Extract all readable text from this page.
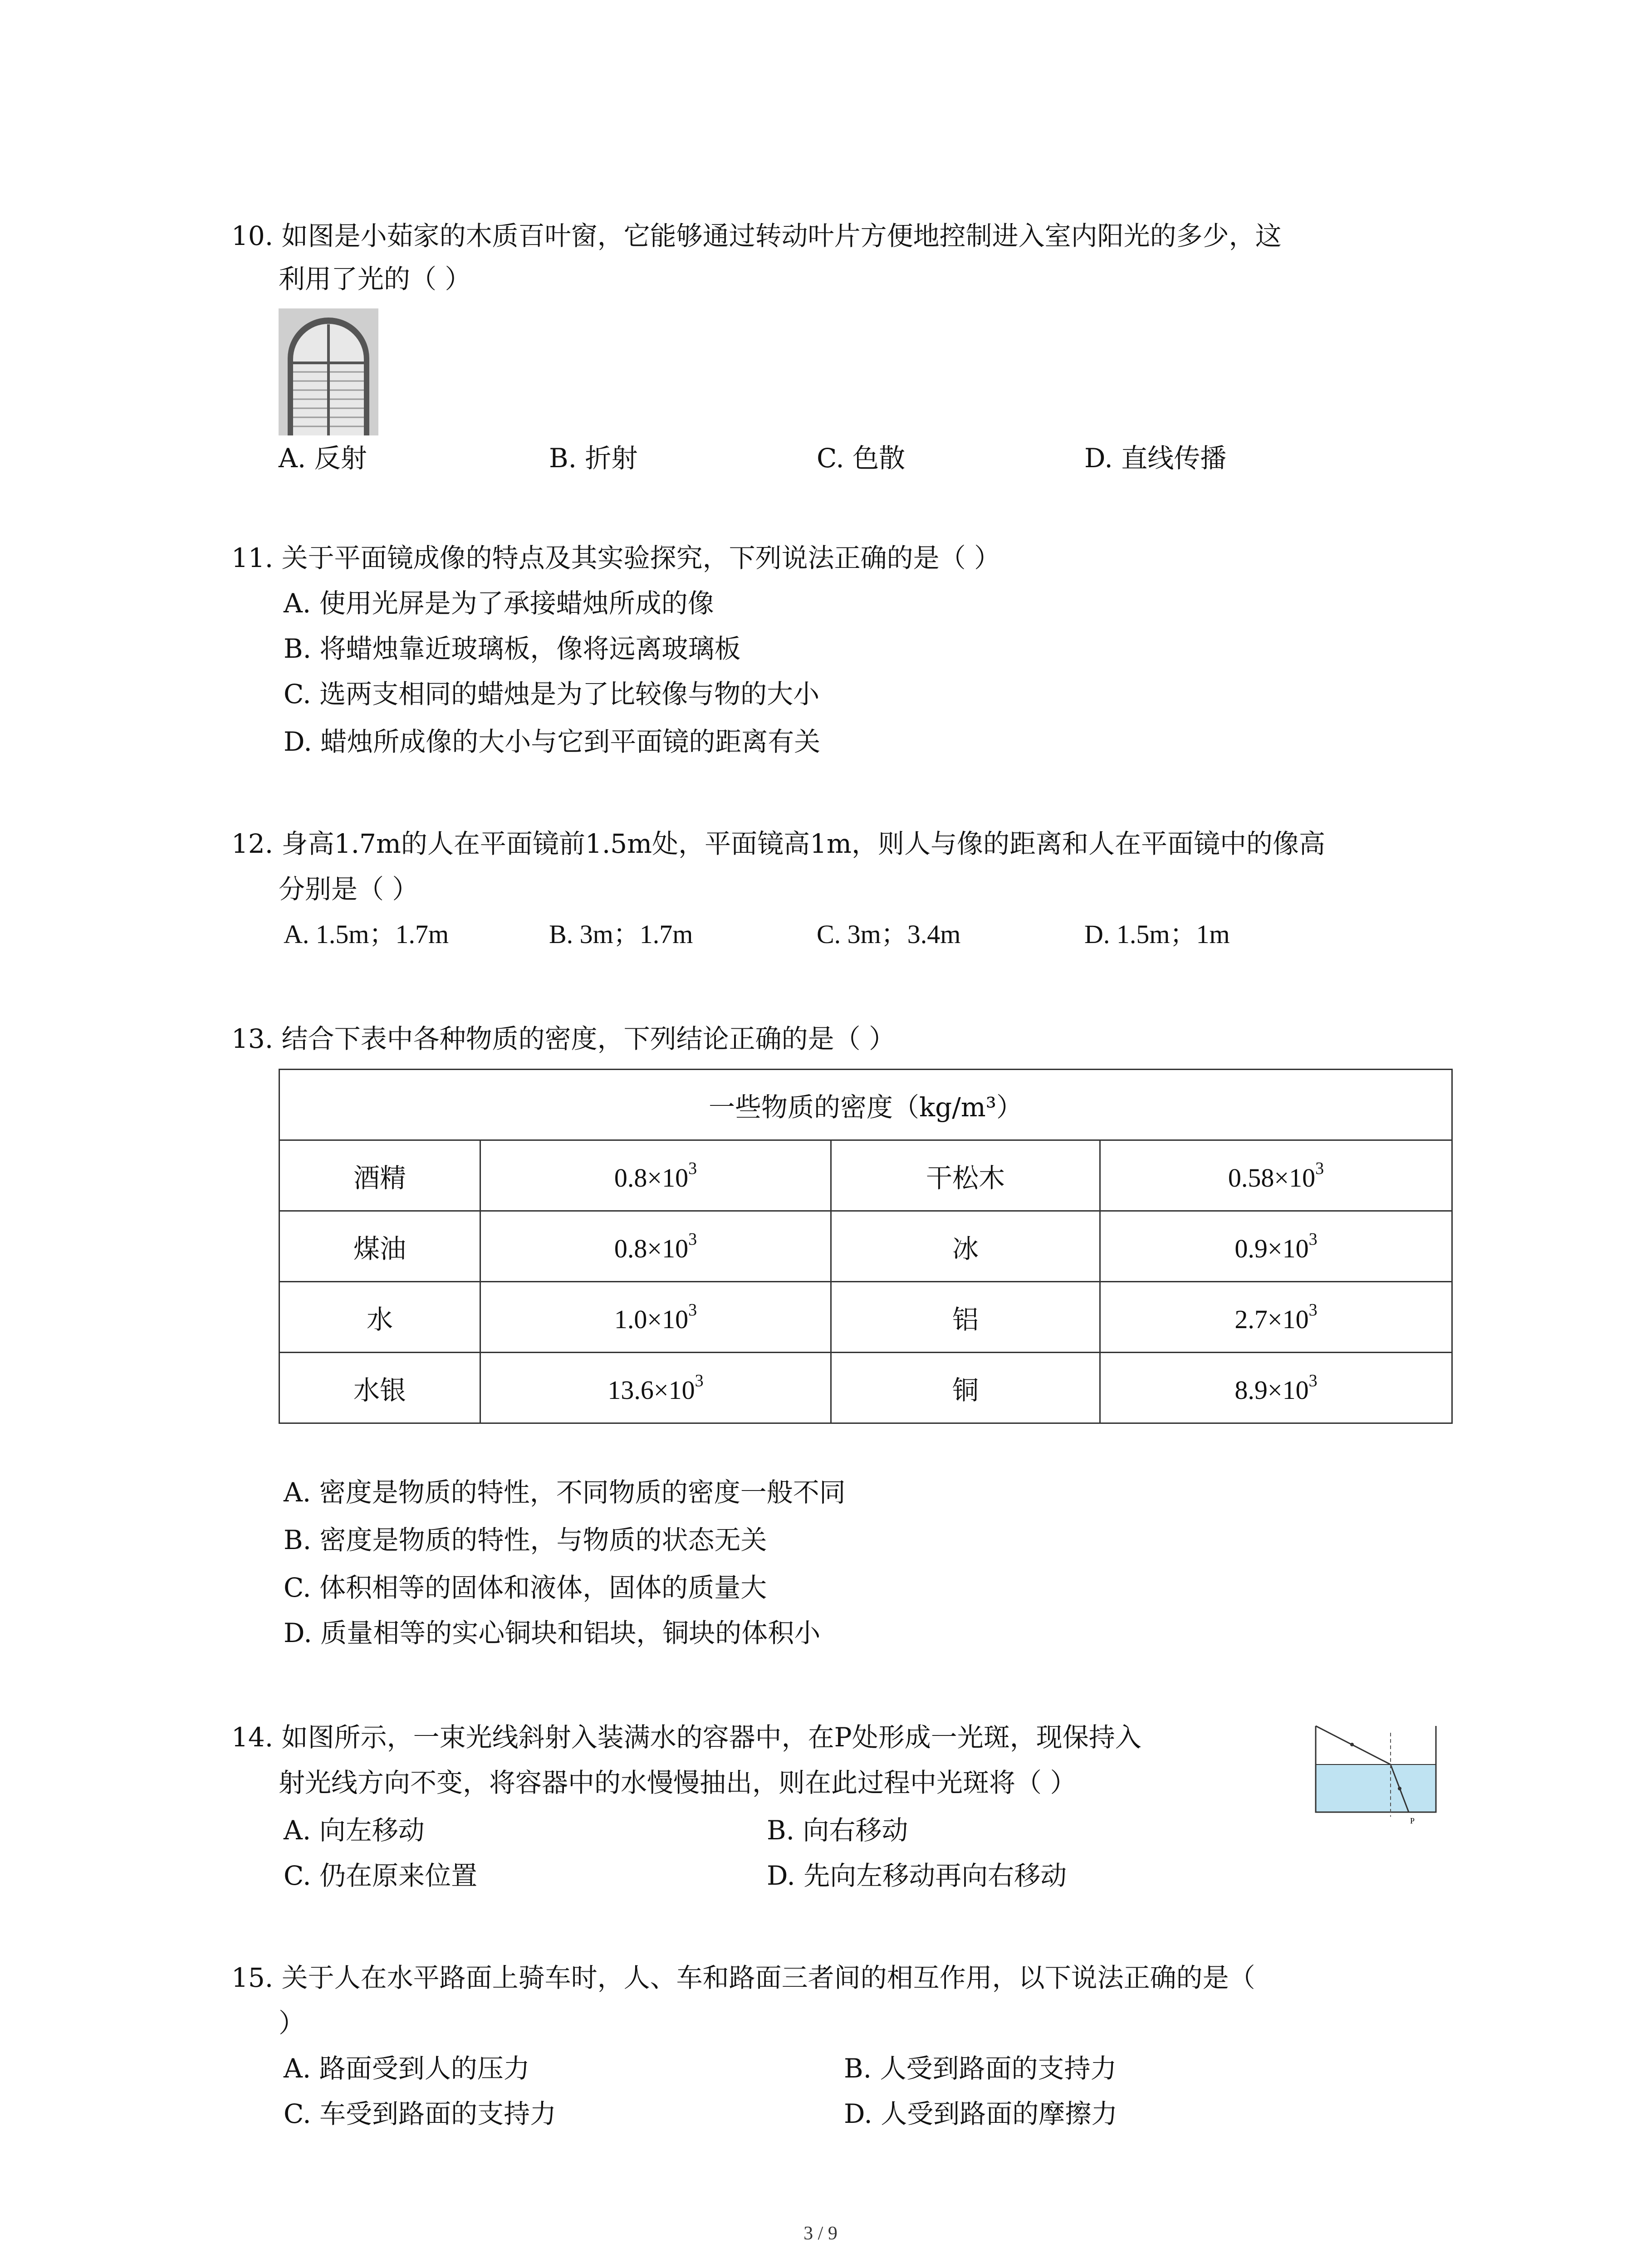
10. 如图是小茹家的木质百叶窗，它能够通过转动叶片方便地控制进入室内阳光的多少，这
利用了光的（ ）
A. 反射	B. 折射	C. 色散	D. 直线传播
11. 关于平面镜成像的特点及其实验探究，下列说法正确的是（ ）
A. 使用光屏是为了承接蜡烛所成的像
B. 将蜡烛靠近玻璃板，像将远离玻璃板
C. 选两支相同的蜡烛是为了比较像与物的大小
D. 蜡烛所成像的大小与它到平面镜的距离有关
12. 身高1.7m的人在平面镜前1.5m处，平面镜高1m，则人与像的距离和人在平面镜中的像高
分别是（ ）
A. 1.5m；1.7m	B. 3m；1.7m	C. 3m；3.4m	D. 1.5m；1m
13. 结合下表中各种物质的密度，下列结论正确的是（ ）
一些物质的密度（kg/m³）			
酒精	$0.8\times 10^3$	干松木	$0.58\times 10^3$
煤油	$0.8\times 10^3$	冰	$0.9\times 10^3$
水	$1.0\times 10^3$	铝	$2.7\times 10^3$
水银	$13.6\times 10^3$	铜	$8.9\times 10^3$
A. 密度是物质的特性，不同物质的密度一般不同
B. 密度是物质的特性，与物质的状态无关
C. 体积相等的固体和液体，固体的质量大
D. 质量相等的实心铜块和铝块，铜块的体积小
14. 如图所示，一束光线斜射入装满水的容器中，在P处形成一光斑，现保持入
射光线方向不变，将容器中的水慢慢抽出，则在此过程中光斑将（ ）
P
A. 向左移动	B. 向右移动
C. 仍在原来位置	D. 先向左移动再向右移动
15. 关于人在水平路面上骑车时，人、车和路面三者间的相互作用，以下说法正确的是（
）
A. 路面受到人的压力	B. 人受到路面的支持力
C. 车受到路面的支持力	D. 人受到路面的摩擦力
3 / 9
